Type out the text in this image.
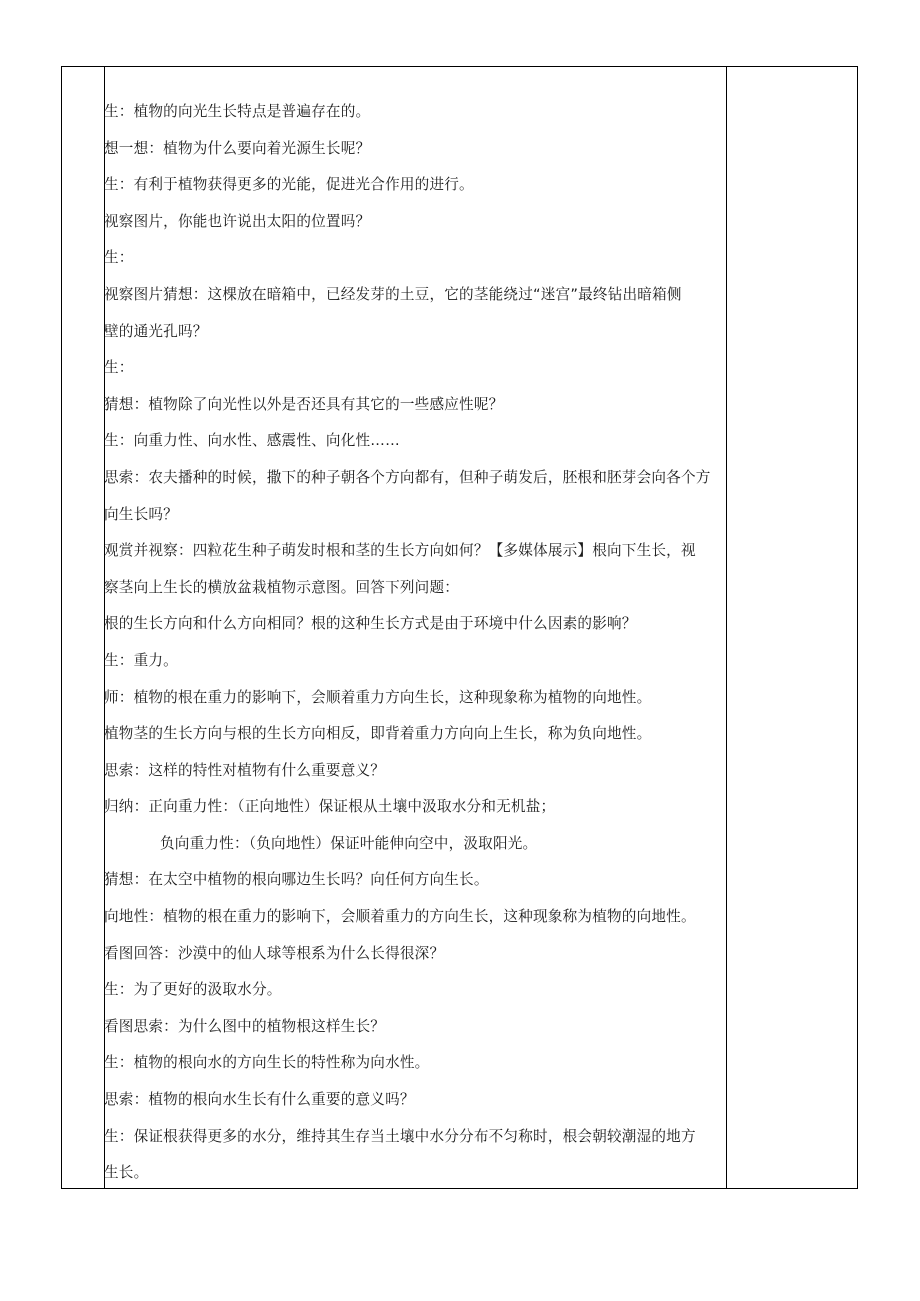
生：植物的向光生长特点是普遍存在的。
想一想：植物为什么要向着光源生长呢？
生：有利于植物获得更多的光能，促进光合作用的进行。
视察图片，你能也许说出太阳的位置吗？
生：
视察图片猜想：这棵放在暗箱中，已经发芽的土豆，它的茎能绕过“迷宫”最终钻出暗箱侧
壁的通光孔吗？
生：
猜想：植物除了向光性以外是否还具有其它的一些感应性呢？
生：向重力性、向水性、感震性、向化性……
思索：农夫播种的时候，撒下的种子朝各个方向都有，但种子萌发后，胚根和胚芽会向各个方
向生长吗？
观赏并视察：四粒花生种子萌发时根和茎的生长方向如何？【多媒体展示】根向下生长，视
察茎向上生长的横放盆栽植物示意图。回答下列问题：
根的生长方向和什么方向相同？根的这种生长方式是由于环境中什么因素的影响？
生：重力。
师：植物的根在重力的影响下，会顺着重力方向生长，这种现象称为植物的向地性。
植物茎的生长方向与根的生长方向相反，即背着重力方向向上生长，称为负向地性。
思索：这样的特性对植物有什么重要意义？
归纳：正向重力性：（正向地性）保证根从土壤中汲取水分和无机盐；
负向重力性：（负向地性）保证叶能伸向空中，汲取阳光。
猜想：在太空中植物的根向哪边生长吗？向任何方向生长。
向地性：植物的根在重力的影响下，会顺着重力的方向生长，这种现象称为植物的向地性。
看图回答：沙漠中的仙人球等根系为什么长得很深？
生：为了更好的汲取水分。
看图思索：为什么图中的植物根这样生长？
生：植物的根向水的方向生长的特性称为向水性。
思索：植物的根向水生长有什么重要的意义吗？
生：保证根获得更多的水分，维持其生存当土壤中水分分布不匀称时，根会朝较潮湿的地方
生长。
